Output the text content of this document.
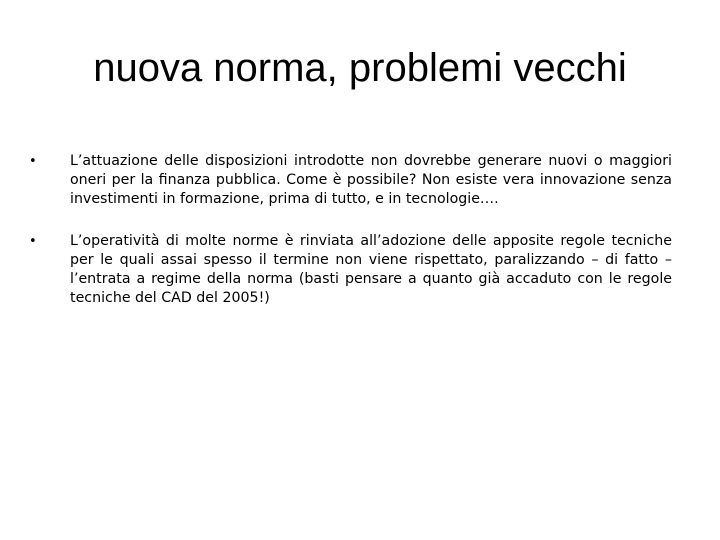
nuova norma, problemi vecchi
• L’attuazione delle disposizioni introdotte non dovrebbe generare nuovi o maggiori oneri per la finanza pubblica. Come è possibile? Non esiste vera innovazione senza investimenti in formazione, prima di tutto, e in tecnologie….
• L’operatività di molte norme è rinviata all’adozione delle apposite regole tecniche per le quali assai spesso il termine non viene rispettato, paralizzando – di fatto – l’entrata a regime della norma (basti pensare a quanto già accaduto con le regole tecniche del CAD del 2005!)
